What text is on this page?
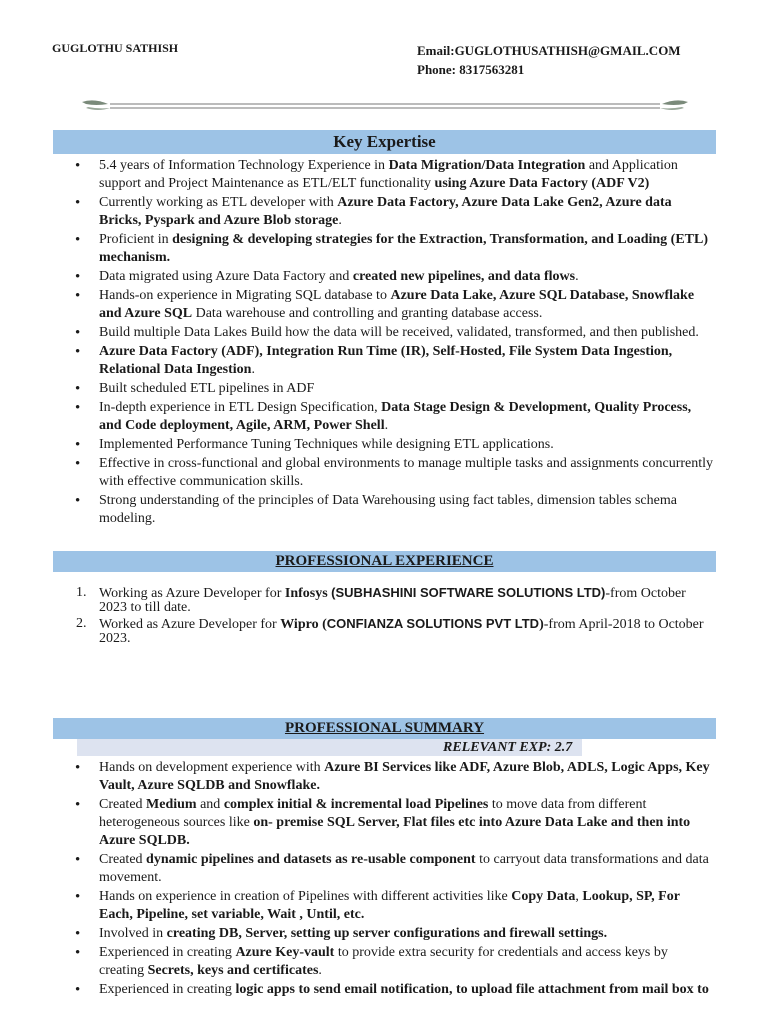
GUGLOTHU SATHISH	Email:GUGLOTHUSATHISH@GMAIL.COM
Phone: 8317563281
Key Expertise
• 5.4 years of Information Technology Experience in Data Migration/Data Integration and Application support and Project Maintenance as ETL/ELT functionality using Azure Data Factory (ADF V2)
• Currently working as ETL developer with Azure Data Factory, Azure Data Lake Gen2, Azure data Bricks, Pyspark and Azure Blob storage.
• Proficient in designing & developing strategies for the Extraction, Transformation, and Loading (ETL) mechanism.
• Data migrated using Azure Data Factory and created new pipelines, and data flows.
• Hands-on experience in Migrating SQL database to Azure Data Lake, Azure SQL Database, Snowflake and Azure SQL Data warehouse and controlling and granting database access.
• Build multiple Data Lakes Build how the data will be received, validated, transformed, and then published.
• Azure Data Factory (ADF), Integration Run Time (IR), Self-Hosted, File System Data Ingestion, Relational Data Ingestion.
• Built scheduled ETL pipelines in ADF
• In-depth experience in ETL Design Specification, Data Stage Design & Development, Quality Process, and Code deployment, Agile, ARM, Power Shell.
• Implemented Performance Tuning Techniques while designing ETL applications.
• Effective in cross-functional and global environments to manage multiple tasks and assignments concurrently with effective communication skills.
• Strong understanding of the principles of Data Warehousing using fact tables, dimension tables schema modeling.
PROFESSIONAL EXPERIENCE
1. Working as Azure Developer for Infosys (SUBHASHINI SOFTWARE SOLUTIONS LTD)-from October 2023 to till date.
2. Worked as Azure Developer for Wipro (CONFIANZA SOLUTIONS PVT LTD)-from April-2018 to October 2023.
PROFESSIONAL SUMMARY
RELEVANT EXP: 2.7
• Hands on development experience with Azure BI Services like ADF, Azure Blob, ADLS, Logic Apps, Key Vault, Azure SQLDB and Snowflake.
• Created Medium and complex initial & incremental load Pipelines to move data from different heterogeneous sources like on- premise SQL Server, Flat files etc into Azure Data Lake and then into Azure SQLDB.
• Created dynamic pipelines and datasets as re-usable component to carryout data transformations and data movement.
• Hands on experience in creation of Pipelines with different activities like Copy Data, Lookup, SP, For Each, Pipeline, set variable, Wait , Until, etc.
• Involved in creating DB, Server, setting up server configurations and firewall settings.
• Experienced in creating Azure Key-vault to provide extra security for credentials and access keys by creating Secrets, keys and certificates.
• Experienced in creating logic apps to send email notification, to upload file attachment from mail box to
